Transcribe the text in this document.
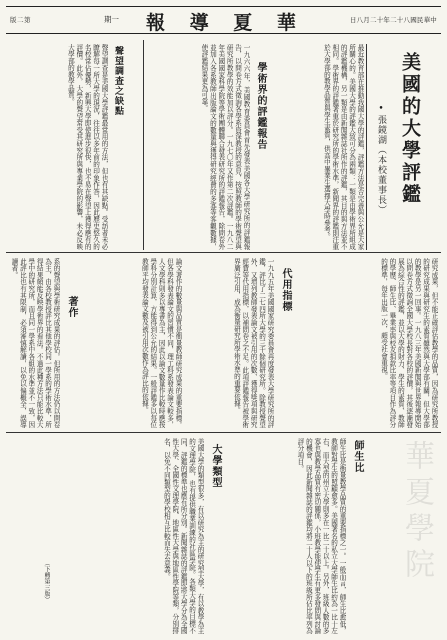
版二第	期一 報 導 夏 華	日八月二十年二十八國民華中
美國的大學評鑑
•張鏡湖（本校董事長）
最近教育部在推動我國大學的評鑑，評鑑方法是否完善與公允是大家所關心的。美國大學的評鑑大致可分為兩類：一類是由學術界所組成的評鑑機構，另一類是由新聞雜誌社所作的評鑑，其目的與方法並不相同。學術界的評鑑著重於研究所的學術水準，新聞界的評鑑則注重於大學部的教學品質與學生素質，供高中畢業生選擇大學時參考。
學術界的評鑑報告
一九六六年，美國教育委員會首先發表美國各大學研究所的評鑑報告，以問卷方式徵詢各學系資深教授的意見，按照教師的學術聲望與研究所教學的效能加以評分。一九七〇年又作第二次評鑑。一九八二年美國國家科學院等學術團體聯合發表研究所的評鑑報告，除問卷外並加入各系教師出版論文的數量與獲得研究經費的多寡等客觀數據，使評鑑結果更為可靠。
聲望調查之缺點
聲望調查是美國大學評鑑最常用的方法，但也有其缺點。受訪者未必瞭解每一所大學的現況，往往以多年前的印象作答，因此歷史悠久的名校常佔優勢，新興大學即使進步很快，也不易在聲望上獲得應有的評價。此外，大學的聲望常受其研究所與專業學院的影響，未必反映大學部的教學品質。
研究成果，但不能正確評估教學的品質，因為研究所教授的研究成果與研究生的素質雖然與大學部有關，但大學部的教學是另一回事。一九八三年美國新聞與世界報導開始以問卷方式徵詢全國大學校長對各校的評價，其後逐漸發展為綜合性的評鑑，並以大學的財力、學生的素質、教師的學歷、師生比、畢業率與校友捐款比率等項目作為評分的標準，每年出版一次，頗受社會重視。
代用指標
一九九五年美國國家研究委員會再度發表大學研究所的評鑑，評比了二七四所大學的三千餘個研究所。除教授聲望外，又增列教師發表論文被引用的次數、獲得獎項與研究經費等代用指標，以補問卷之不足。此項評鑑報告被學術界廣泛引用，成為衡量研究所學術水準的重要依據。
著作	論文著作的數量與品質是衡量教師研究成果的重要指標。但各學科發表論文的習慣不同，理工科系發表論文較多，人文學科則多以專書為主，因此以論文數量作比較時應按學科分別計算，方能得到公允的結果。一般評鑑多以每位教師平均發表論文數及被引用次數作為評比的依據。
系的聲望與學術研究成果的評估。但所用的方法仍以問卷為主，由各校教授評比其他學校同一學系的學術水準，所得結果頗能反映學術界的看法。不過此種方法只能比較大學中的研究所，而且同一學系中各組的水準並不一致，因此評比也有其限制，必須審慎解讀，以免以偏概全，誤導讀者。
師生比
師生比是衡量教學品質的重要指標之一。一般而言，師生比愈低，教師對學生的照顧愈多。美國著名的私立大學師生比約為一比十左右，而大型的州立大學則多在一比二十以上。另外，班級人數的多寡也與教學品質有密切關係，小班教學能使學生有更多發問與討論的機會，因此新聞雜誌的評鑑均將二十人以下的班級所佔比率列為評分項目。
大學類型
美國大學的類型很多，有以研究為主的研究型大學，有以教學為主的文理學院，也有提供職業訓練的社區學院。各類大學的目標不同，評鑑的標準也應有所分別。新聞雜誌的評鑑即將大學分為全國性大學、全國性文理學院、地區性大學與地區性學院等類，分別排名，以免不同類型的學校相互比較而失去意義。
（下轉第三版）	華夏學院
